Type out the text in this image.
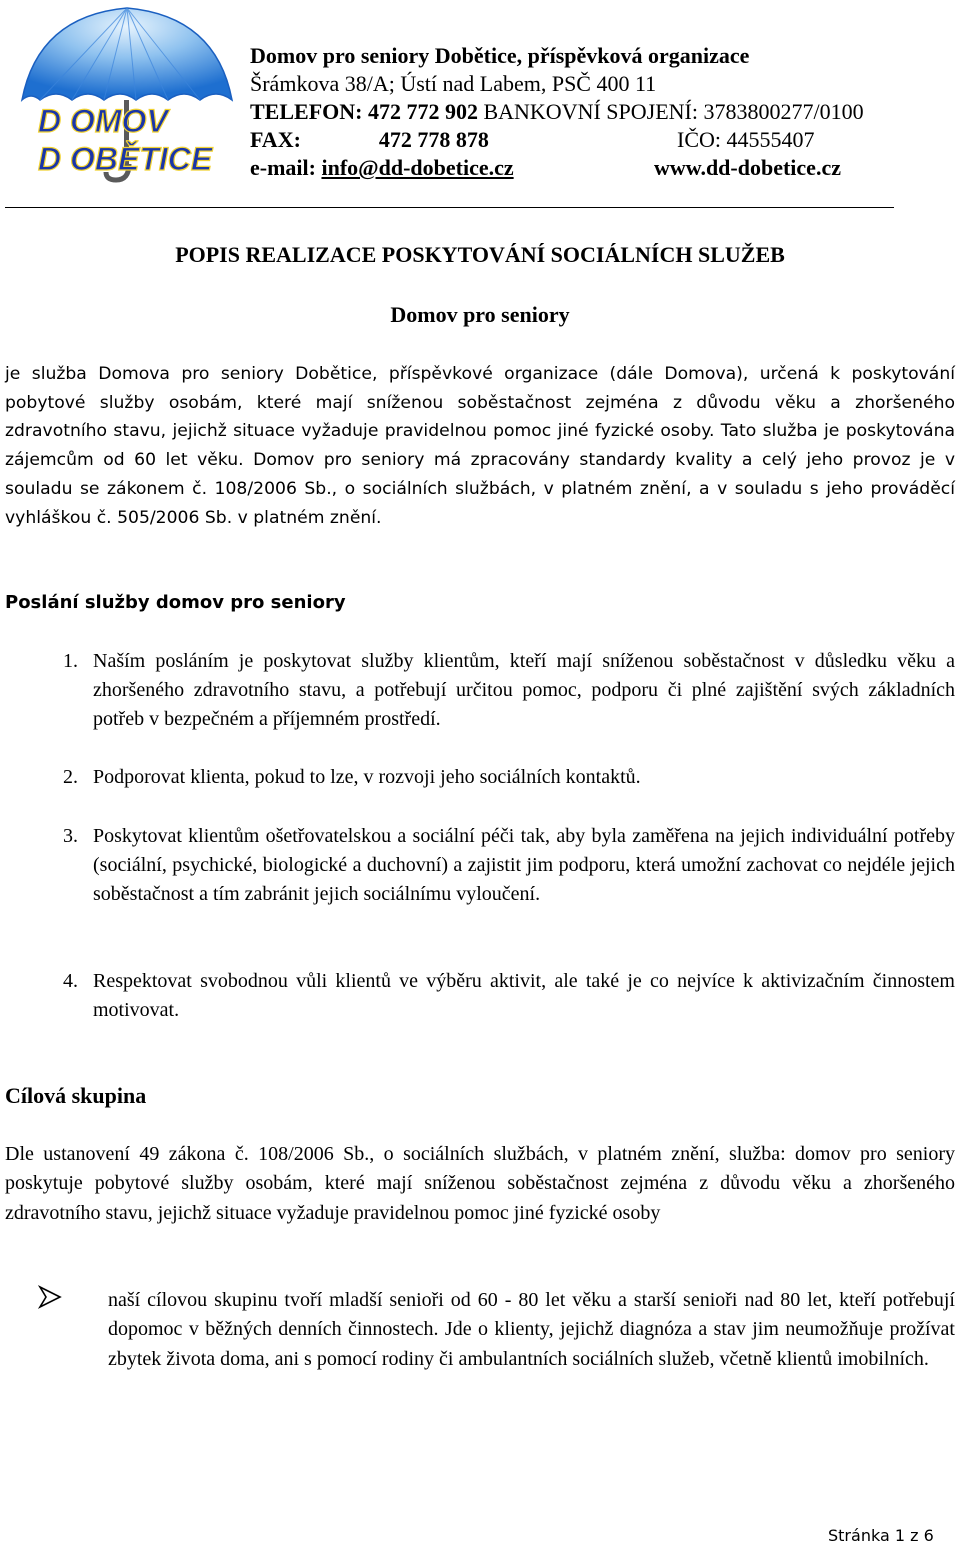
D OMOV
D OBĚTICE
Domov pro seniory Dobětice, příspěvková organizace
Šrámkova 38/A; Ústí nad Labem, PSČ 400 11
TELEFON: 472 772 902 BANKOVNÍ SPOJENÍ: 3783800277/0100
FAX:	472 778 878	IČO: 44555407
e-mail: info@dd-dobetice.cz	www.dd-dobetice.cz
POPIS REALIZACE POSKYTOVÁNÍ SOCIÁLNÍCH SLUŽEB
Domov pro seniory

je služba Domova pro seniory Dobětice, příspěvkové organizace (dále Domova), určená k poskytování pobytové služby osobám, které mají sníženou soběstačnost zejména z důvodu věku a zhoršeného zdravotního stavu, jejichž situace vyžaduje pravidelnou pomoc jiné fyzické osoby. Tato služba je poskytována zájemcům od 60 let věku. Domov pro seniory má zpracovány standardy kvality a celý jeho provoz je v souladu se zákonem č. 108/2006 Sb., o sociálních službách, v platném znění, a v souladu s jeho prováděcí vyhláškou č. 505/2006 Sb. v platném znění.

Poslání služby domov pro seniory
1. Naším posláním je poskytovat služby klientům, kteří mají sníženou soběstačnost v důsledku věku a zhoršeného zdravotního stavu, a potřebují určitou pomoc, podporu či plné zajištění svých základních potřeb v bezpečném a příjemném prostředí.
2. Podporovat klienta, pokud to lze, v rozvoji jeho sociálních kontaktů.
3. Poskytovat klientům ošetřovatelskou a sociální péči tak, aby byla zaměřena na jejich individuální potřeby (sociální, psychické, biologické a duchovní) a zajistit jim podporu, která umožní zachovat co nejdéle jejich soběstačnost a tím zabránit jejich sociálnímu vyloučení.
4. Respektovat svobodnou vůli klientů ve výběru aktivit, ale také je co nejvíce k aktivizačním činnostem motivovat.
Cílová skupina
Dle ustanovení 49 zákona č. 108/2006 Sb., o sociálních službách, v platném znění, služba: domov pro seniory poskytuje pobytové služby osobám, které mají sníženou soběstačnost zejména z důvodu věku a zhoršeného zdravotního stavu, jejichž situace vyžaduje pravidelnou pomoc jiné fyzické osoby
naší cílovou skupinu tvoří mladší senioři od 60 - 80 let věku a starší senioři nad 80 let, kteří potřebují dopomoc v běžných denních činnostech. Jde o klienty, jejichž diagnóza a stav jim neumožňuje prožívat zbytek života doma, ani s pomocí rodiny či ambulantních sociálních služeb, včetně klientů imobilních.
Stránka 1 z 6
